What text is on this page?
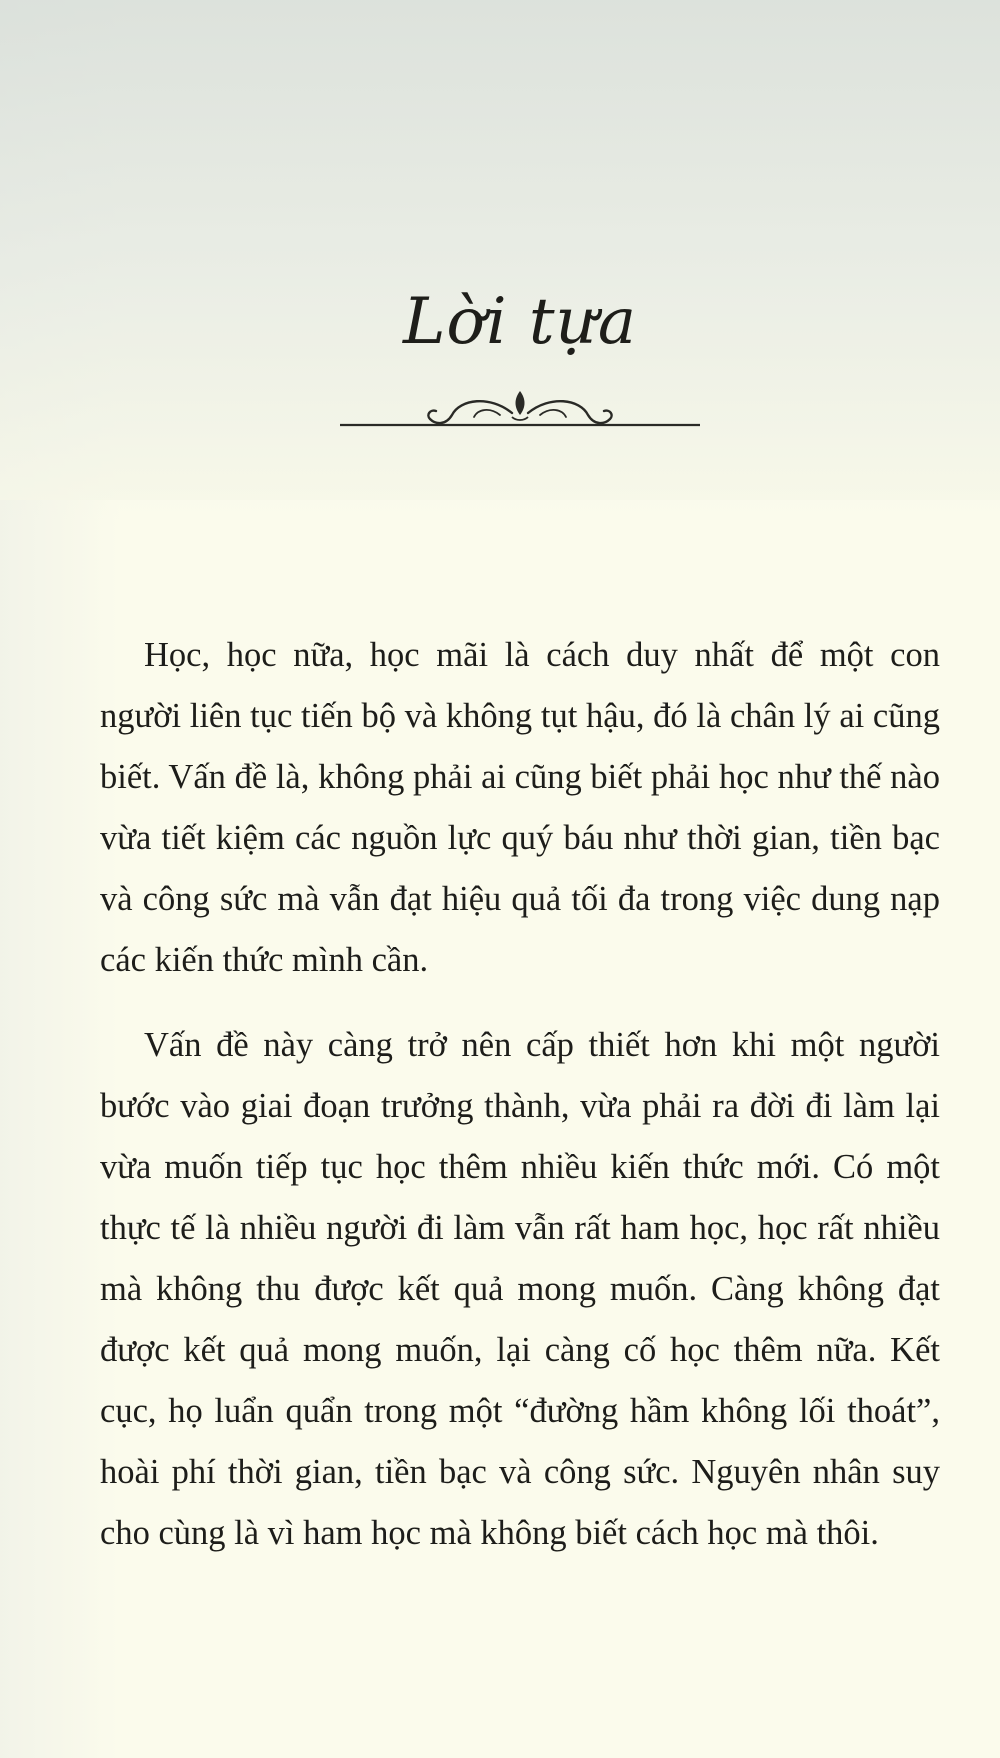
Lời tựa

Học, học nữa, học mãi là cách duy nhất để một con người liên tục tiến bộ và không tụt hậu, đó là chân lý ai cũng biết. Vấn đề là, không phải ai cũng biết phải học như thế nào vừa tiết kiệm các nguồn lực quý báu như thời gian, tiền bạc và công sức mà vẫn đạt hiệu quả tối đa trong việc dung nạp các kiến thức mình cần.

Vấn đề này càng trở nên cấp thiết hơn khi một người bước vào giai đoạn trưởng thành, vừa phải ra đời đi làm lại vừa muốn tiếp tục học thêm nhiều kiến thức mới. Có một thực tế là nhiều người đi làm vẫn rất ham học, học rất nhiều mà không thu được kết quả mong muốn. Càng không đạt được kết quả mong muốn, lại càng cố học thêm nữa. Kết cục, họ luẩn quẩn trong một “đường hầm không lối thoát”, hoài phí thời gian, tiền bạc và công sức. Nguyên nhân suy cho cùng là vì ham học mà không biết cách học mà thôi.
